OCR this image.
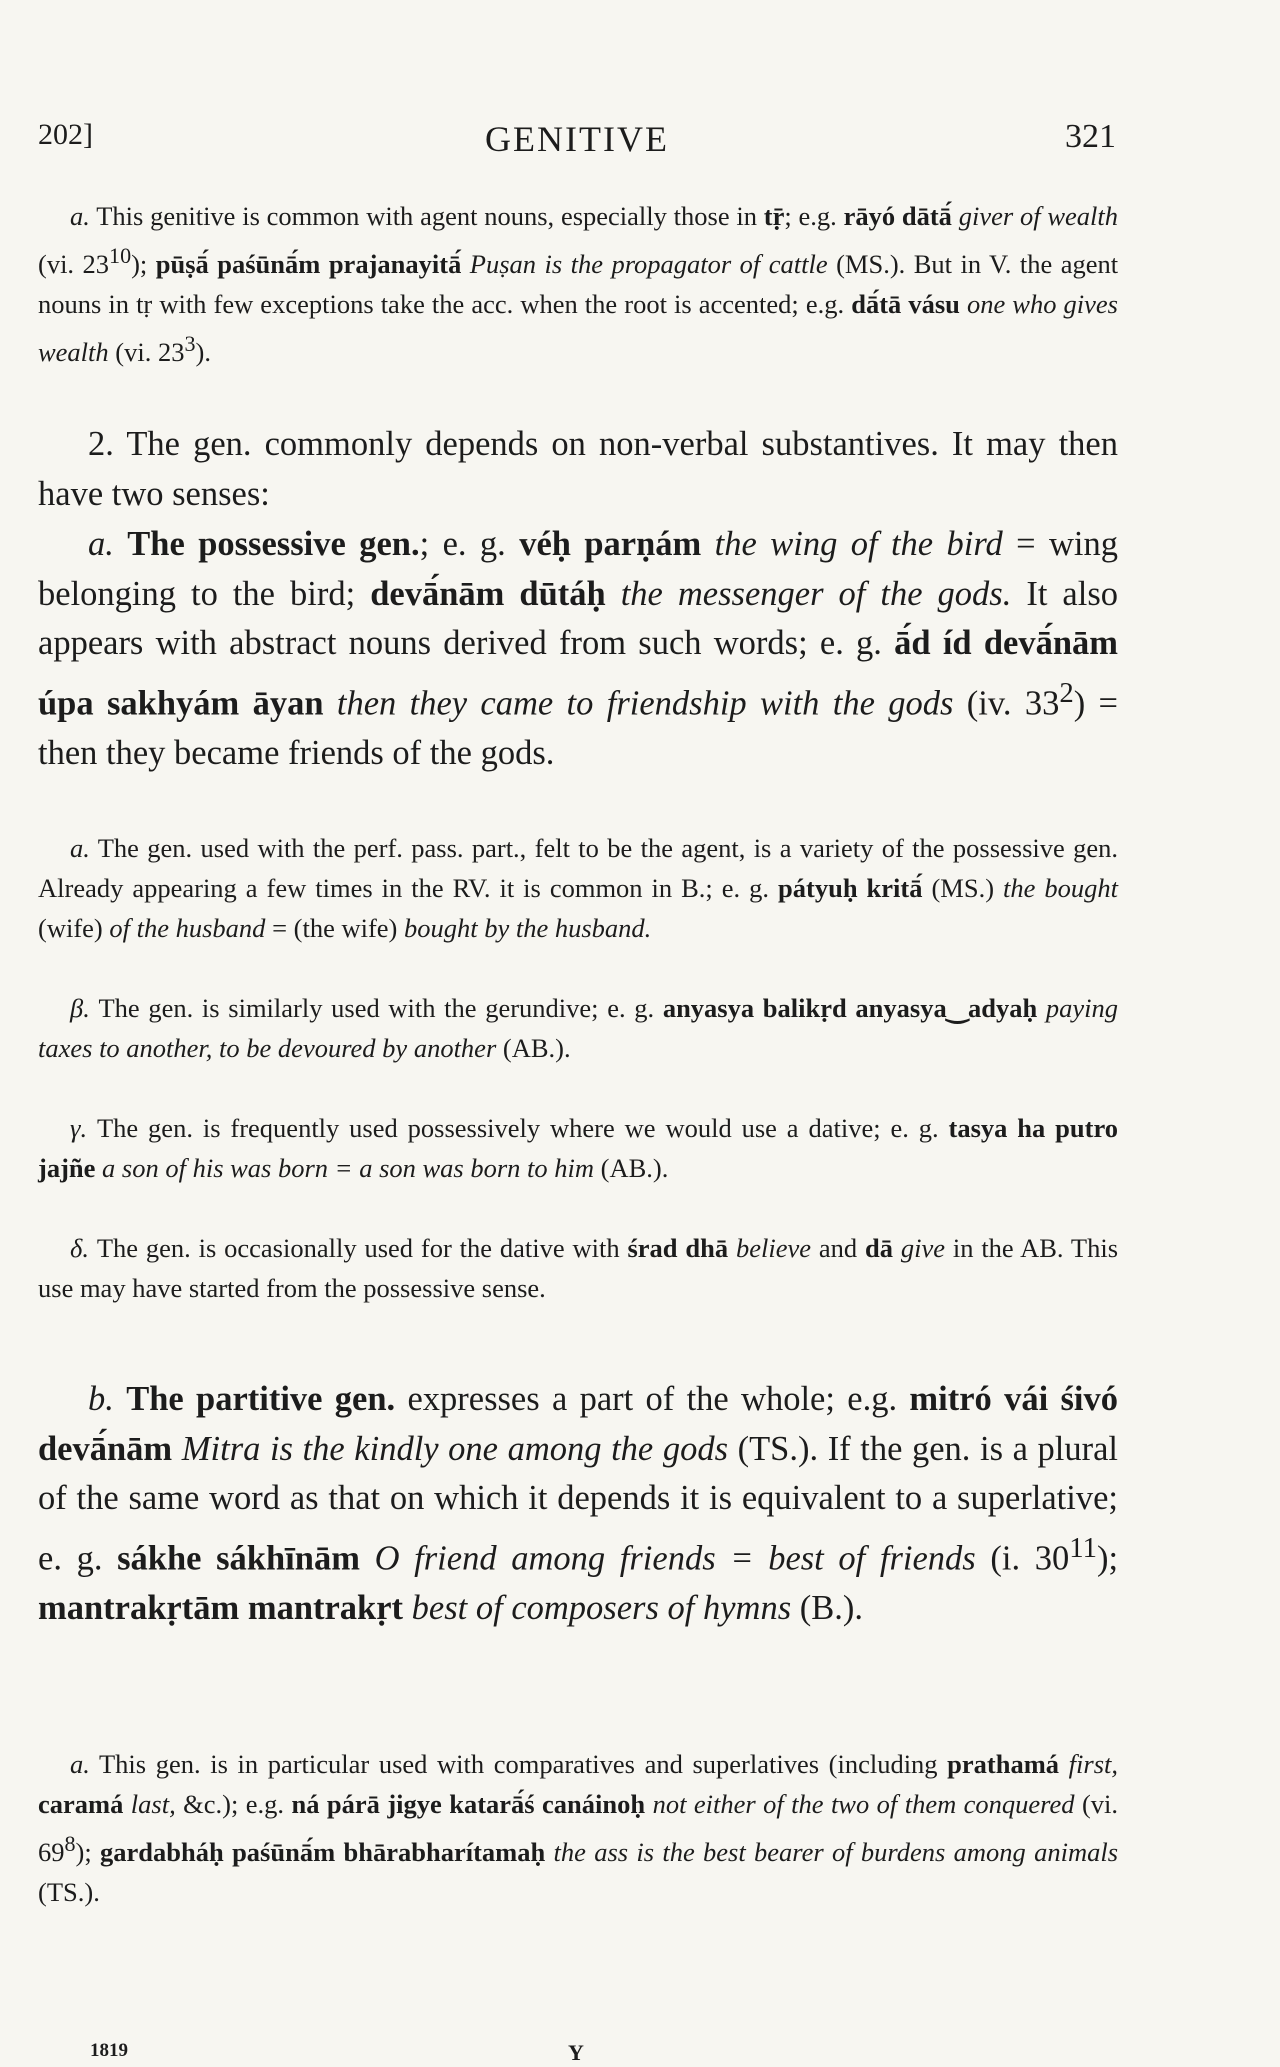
202]	GENITIVE	321

a. This genitive is common with agent nouns, especially those in tṝ; e.g. rāyó dātā́ giver of wealth (vi. $23^{10}$); pūṣā́ paśūnā́m prajanayitā́ Puṣan is the propagator of cattle (MS.). But in V. the agent nouns in tṛ with few exceptions take the acc. when the root is accented; e.g. dā́tā vásu one who gives wealth (vi. $23^3$).

2. The gen. commonly depends on non-verbal substantives. It may then have two senses:

a. The possessive gen.; e. g. véḥ parṇám the wing of the bird = wing belonging to the bird; devā́nām dūtáḥ the messenger of the gods. It also appears with abstract nouns derived from such words; e. g. ā́d íd devā́nām úpa sakhyám āyan then they came to friendship with the gods (iv. $33^2$) = then they became friends of the gods.

a. The gen. used with the perf. pass. part., felt to be the agent, is a variety of the possessive gen. Already appearing a few times in the RV. it is common in B.; e. g. pátyuḥ kritā́ (MS.) the bought (wife) of the husband = (the wife) bought by the husband.

β. The gen. is similarly used with the gerundive; e. g. anyasya balikṛd anyasya‿adyaḥ paying taxes to another, to be devoured by another (AB.).

γ. The gen. is frequently used possessively where we would use a dative; e. g. tasya ha putro jajñe a son of his was born = a son was born to him (AB.).

δ. The gen. is occasionally used for the dative with śrad dhā believe and dā give in the AB. This use may have started from the possessive sense.

b. The partitive gen. expresses a part of the whole; e.g. mitró vái śivó devā́nām Mitra is the kindly one among the gods (TS.). If the gen. is a plural of the same word as that on which it depends it is equivalent to a superlative; e. g. sákhe sákhīnām O friend among friends = best of friends (i. $30^{11}$); mantrakṛtām mantrakṛt best of composers of hymns (B.).

a. This gen. is in particular used with comparatives and superlatives (including prathamá first, caramá last, &c.); e.g. ná párā jigye katarā́ś canáinoḥ not either of the two of them conquered (vi. $69^8$); gardabháḥ paśūnā́m bhārabharítamaḥ the ass is the best bearer of burdens among animals (TS.).

1819	Y
